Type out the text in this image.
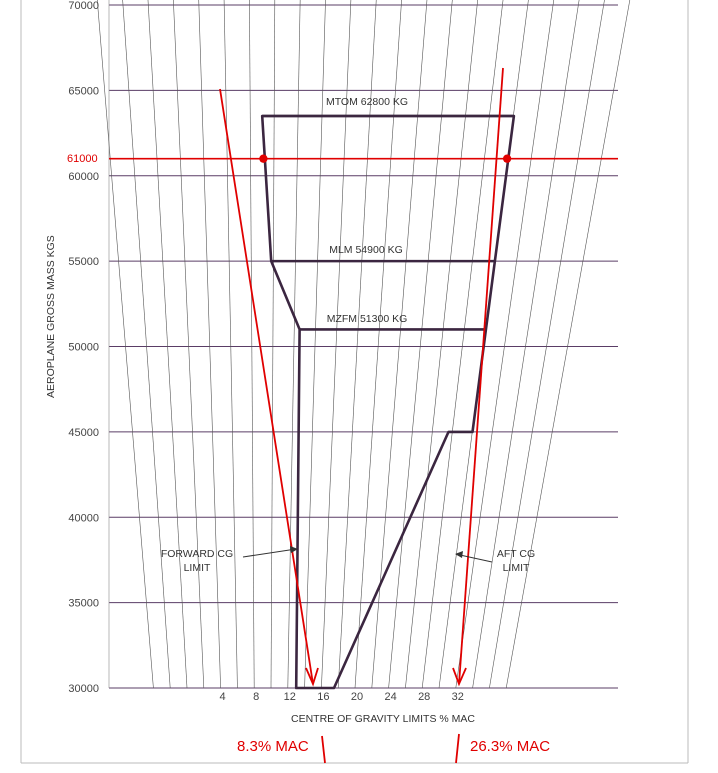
30000
35000
40000
45000
50000
55000
60000
65000
70000
4 8 12 16 20 24 28 32
MTOM 62800 KG
MLM 54900 KG
MZFM 51300 KG
AEROPLANE GROSS MASS KGS
CENTRE OF GRAVITY LIMITS % MAC
FORWARD CG LIMIT
AFT CG LIMIT
61000
8.3% MAC	26.3% MAC
